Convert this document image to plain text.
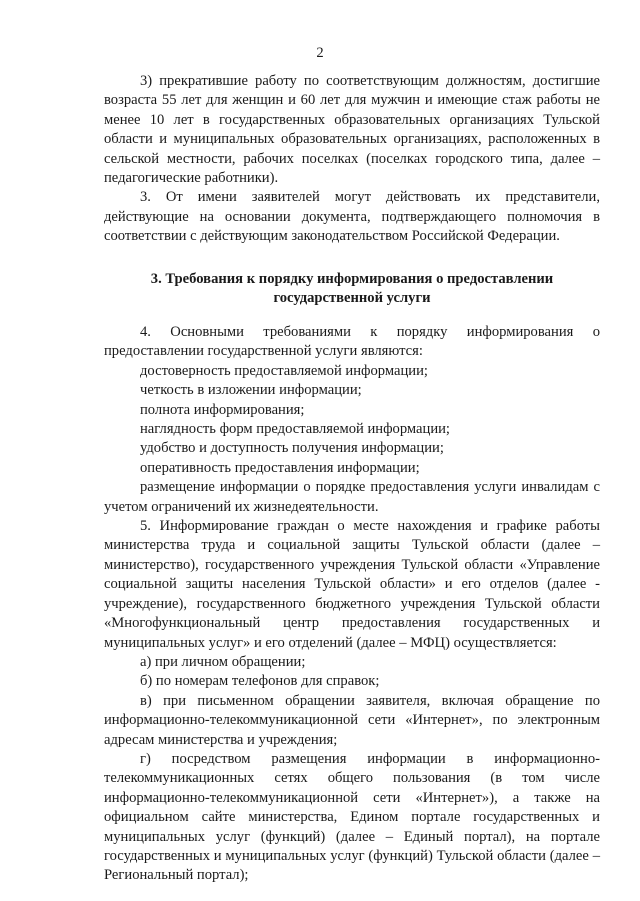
2

3) прекратившие работу по соответствующим должностям, достигшие возраста 55 лет для женщин и 60 лет для мужчин и имеющие стаж работы не менее 10 лет в государственных образовательных организациях Тульской области и муниципальных образовательных организациях, расположенных в сельской местности, рабочих поселках (поселках городского типа, далее – педагогические работники).

3. От имени заявителей могут действовать их представители, действующие на основании документа, подтверждающего полномочия в соответствии с действующим законодательством Российской Федерации.

3. Требования к порядку информирования о предоставлении

государственной услуги

4. Основными требованиями к порядку информирования о предоставлении государственной услуги являются:

достоверность предоставляемой информации;

четкость в изложении информации;

полнота информирования;

наглядность форм предоставляемой информации;

удобство и доступность получения информации;

оперативность предоставления информации;

размещение информации о порядке предоставления услуги инвалидам с учетом ограничений их жизнедеятельности.

5. Информирование граждан о месте нахождения и графике работы министерства труда и социальной защиты Тульской области (далее – министерство), государственного учреждения Тульской области «Управление социальной защиты населения Тульской области» и его отделов (далее - учреждение), государственного бюджетного учреждения Тульской области «Многофункциональный центр предоставления государственных и муниципальных услуг» и его отделений (далее – МФЦ) осуществляется:

а) при личном обращении;

б) по номерам телефонов для справок;

в) при письменном обращении заявителя, включая обращение по информационно-телекоммуникационной сети «Интернет», по электронным адресам министерства и учреждения;

г) посредством размещения информации в информационно-телекоммуникационных сетях общего пользования (в том числе информационно-телекоммуникационной сети «Интернет»), а также на официальном сайте министерства, Едином портале государственных и муниципальных услуг (функций) (далее – Единый портал), на портале государственных и муниципальных услуг (функций) Тульской области (далее – Региональный портал);
